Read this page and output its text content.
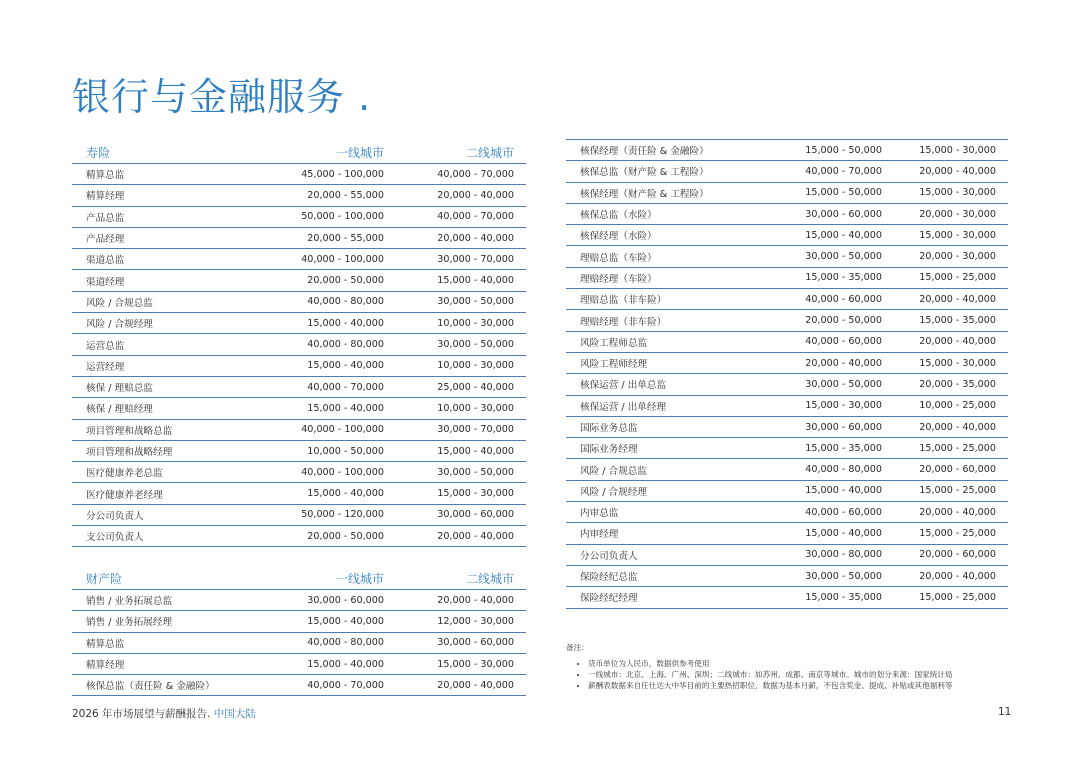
银行与金融服务 .
寿险	一线城市	二线城市
精算总监	45,000 - 100,000	40,000 - 70,000
精算经理	20,000 - 55,000	20,000 - 40,000
产品总监	50,000 - 100,000	40,000 - 70,000
产品经理	20,000 - 55,000	20,000 - 40,000
渠道总监	40,000 - 100,000	30,000 - 70,000
渠道经理	20,000 - 50,000	15,000 - 40,000
风险 / 合规总监	40,000 - 80,000	30,000 - 50,000
风险 / 合规经理	15,000 - 40,000	10,000 - 30,000
运营总监	40,000 - 80,000	30,000 - 50,000
运营经理	15,000 - 40,000	10,000 - 30,000
核保 / 理赔总监	40,000 - 70,000	25,000 - 40,000
核保 / 理赔经理	15,000 - 40,000	10,000 - 30,000
项目管理和战略总监	40,000 - 100,000	30,000 - 70,000
项目管理和战略经理	10,000 - 50,000	15,000 - 40,000
医疗健康养老总监	40,000 - 100,000	30,000 - 50,000
医疗健康养老经理	15,000 - 40,000	15,000 - 30,000
分公司负责人	50,000 - 120,000	30,000 - 60,000
支公司负责人	20,000 - 50,000	20,000 - 40,000
财产险	一线城市	二线城市
销售 / 业务拓展总监	30,000 - 60,000	20,000 - 40,000
销售 / 业务拓展经理	15,000 - 40,000	12,000 - 30,000
精算总监	40,000 - 80,000	30,000 - 60,000
精算经理	15,000 - 40,000	15,000 - 30,000
核保总监（责任险 & 金融险）	40,000 - 70,000	20,000 - 40,000
核保经理（责任险 & 金融险）	15,000 - 50,000	15,000 - 30,000
核保总监（财产险 & 工程险）	40,000 - 70,000	20,000 - 40,000
核保经理（财产险 & 工程险）	15,000 - 50,000	15,000 - 30,000
核保总监（水险）	30,000 - 60,000	20,000 - 30,000
核保经理（水险）	15,000 - 40,000	15,000 - 30,000
理赔总监（车险）	30,000 - 50,000	20,000 - 30,000
理赔经理（车险）	15,000 - 35,000	15,000 - 25,000
理赔总监（非车险）	40,000 - 60,000	20,000 - 40,000
理赔经理（非车险）	20,000 - 50,000	15,000 - 35,000
风险工程师总监	40,000 - 60,000	20,000 - 40,000
风险工程师经理	20,000 - 40,000	15,000 - 30,000
核保运营 / 出单总监	30,000 - 50,000	20,000 - 35,000
核保运营 / 出单经理	15,000 - 30,000	10,000 - 25,000
国际业务总监	30,000 - 60,000	20,000 - 40,000
国际业务经理	15,000 - 35,000	15,000 - 25,000
风险 / 合规总监	40,000 - 80,000	20,000 - 60,000
风险 / 合规经理	15,000 - 40,000	15,000 - 25,000
内审总监	40,000 - 60,000	20,000 - 40,000
内审经理	15,000 - 40,000	15,000 - 25,000
分公司负责人	30,000 - 80,000	20,000 - 60,000
保险经纪总监	30,000 - 50,000	20,000 - 40,000
保险经纪经理	15,000 - 35,000	15,000 - 25,000
备注：
• 货币单位为人民币，数据供参考使用
• 一线城市：北京、上海、广州、深圳；二线城市：如苏州、成都、南京等城市。城市的划分来源：国家统计局
• 薪酬表数据来自任仕达大中华目前的主要热招职位，数据为基本月薪，不包含奖金、提成、补贴或其他福利等
2026 年市场展望与薪酬报告. 中国大陆	11
